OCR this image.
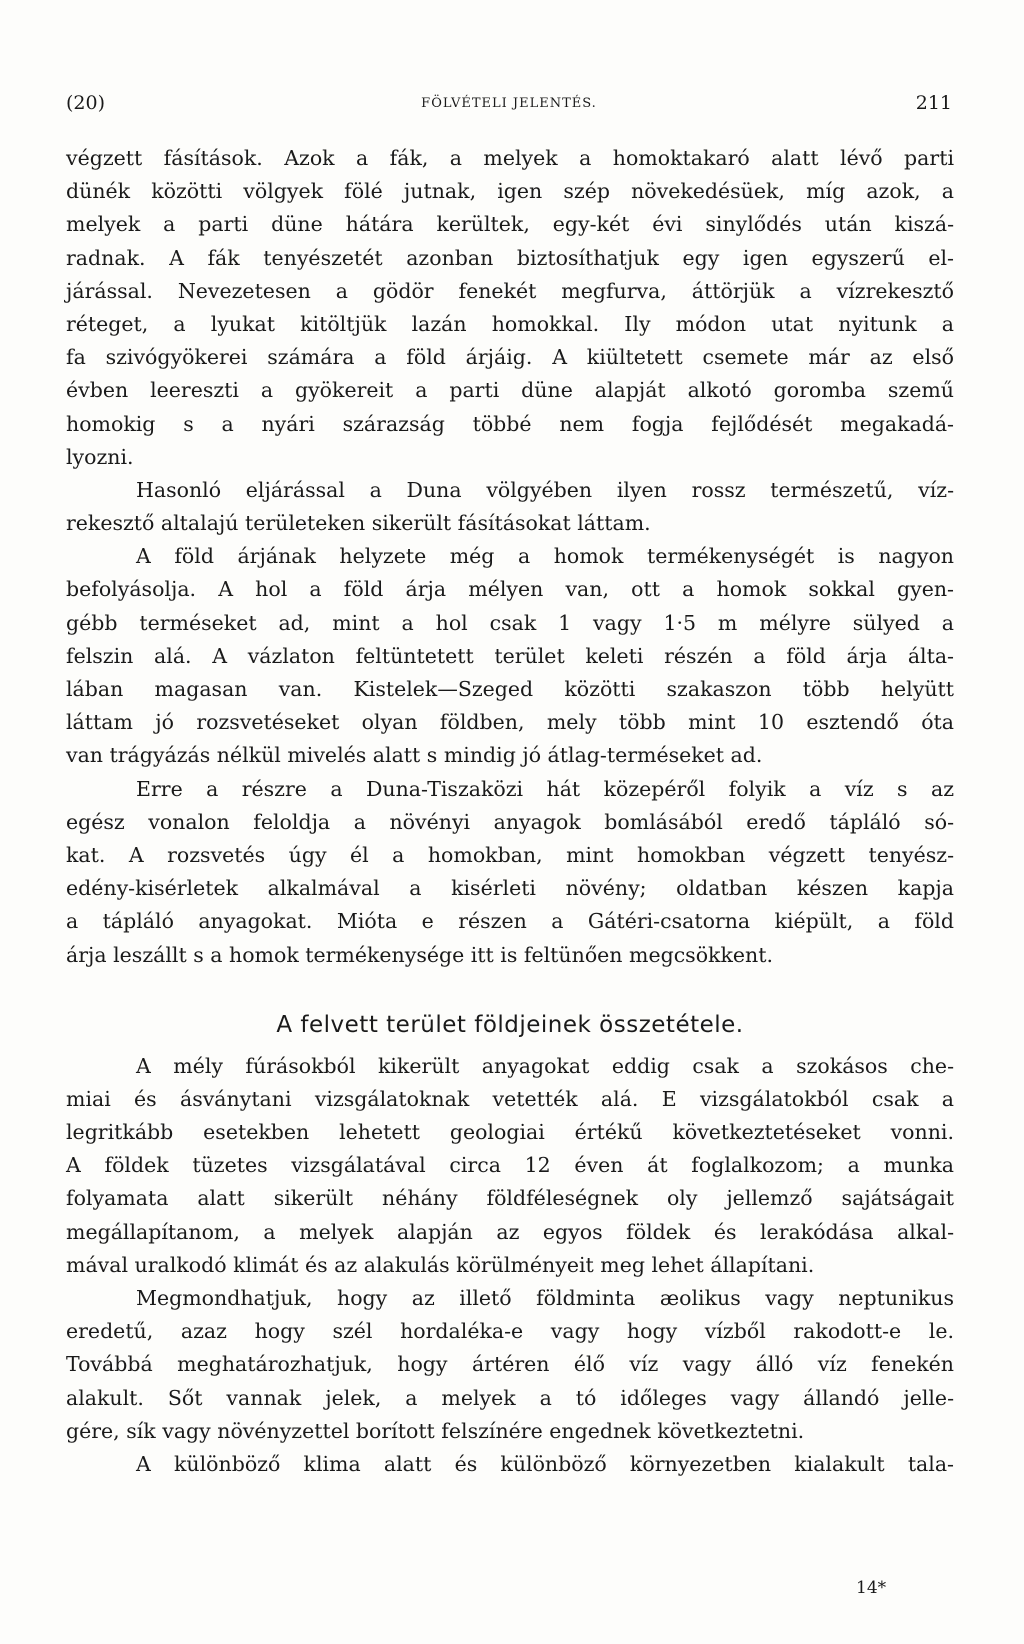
(20)	FÖLVÉTELI JELENTÉS.	211
végzett fásítások. Azok a fák, a melyek a homoktakaró alatt lévő parti
dünék közötti völgyek fölé jutnak, igen szép növekedésüek, míg azok, a
melyek a parti düne hátára kerültek, egy-két évi sinylődés után kiszá-
radnak. A fák tenyészetét azonban biztosíthatjuk egy igen egyszerű el-
járással. Nevezetesen a gödör fenekét megfurva, áttörjük a vízrekesztő
réteget, a lyukat kitöltjük lazán homokkal. Ily módon utat nyitunk a
fa szivógyökerei számára a föld árjáig. A kiültetett csemete már az első
évben leereszti a gyökereit a parti düne alapját alkotó goromba szemű
homokig s a nyári szárazság többé nem fogja fejlődését megakadá-
lyozni.
Hasonló eljárással a Duna völgyében ilyen rossz természetű, víz-
rekesztő altalajú területeken sikerült fásításokat láttam.
A föld árjának helyzete még a homok termékenységét is nagyon
befolyásolja. A hol a föld árja mélyen van, ott a homok sokkal gyen-
gébb terméseket ad, mint a hol csak 1 vagy 1·5 m mélyre sülyed a
felszin alá. A vázlaton feltüntetett terület keleti részén a föld árja álta-
lában magasan van. Kistelek—Szeged közötti szakaszon több helyütt
láttam jó rozsvetéseket olyan földben, mely több mint 10 esztendő óta
van trágyázás nélkül mivelés alatt s mindig jó átlag-terméseket ad.
Erre a részre a Duna-Tiszaközi hát közepéről folyik a víz s az
egész vonalon feloldja a növényi anyagok bomlásából eredő tápláló só-
kat. A rozsvetés úgy él a homokban, mint homokban végzett tenyész-
edény-kisérletek alkalmával a kisérleti növény; oldatban készen kapja
a tápláló anyagokat. Mióta e részen a Gátéri-csatorna kiépült, a föld
árja leszállt s a homok termékenysége itt is feltünően megcsökkent.
A felvett terület földjeinek összetétele.
A mély fúrásokból kikerült anyagokat eddig csak a szokásos che-
miai és ásványtani vizsgálatoknak vetették alá. E vizsgálatokból csak a
legritkább esetekben lehetett geologiai értékű következtetéseket vonni.
A földek tüzetes vizsgálatával circa 12 éven át foglalkozom; a munka
folyamata alatt sikerült néhány földféleségnek oly jellemző sajátságait
megállapítanom, a melyek alapján az egyos földek és lerakódása alkal-
mával uralkodó klimát és az alakulás körülményeit meg lehet állapítani.
Megmondhatjuk, hogy az illető földminta æolikus vagy neptunikus
eredetű, azaz hogy szél hordaléka-e vagy hogy vízből rakodott-e le.
Továbbá meghatározhatjuk, hogy ártéren élő víz vagy álló víz fenekén
alakult. Sőt vannak jelek, a melyek a tó időleges vagy állandó jelle-
gére, sík vagy növényzettel borított felszínére engednek következtetni.
A különböző klima alatt és különböző környezetben kialakult tala-
14*
